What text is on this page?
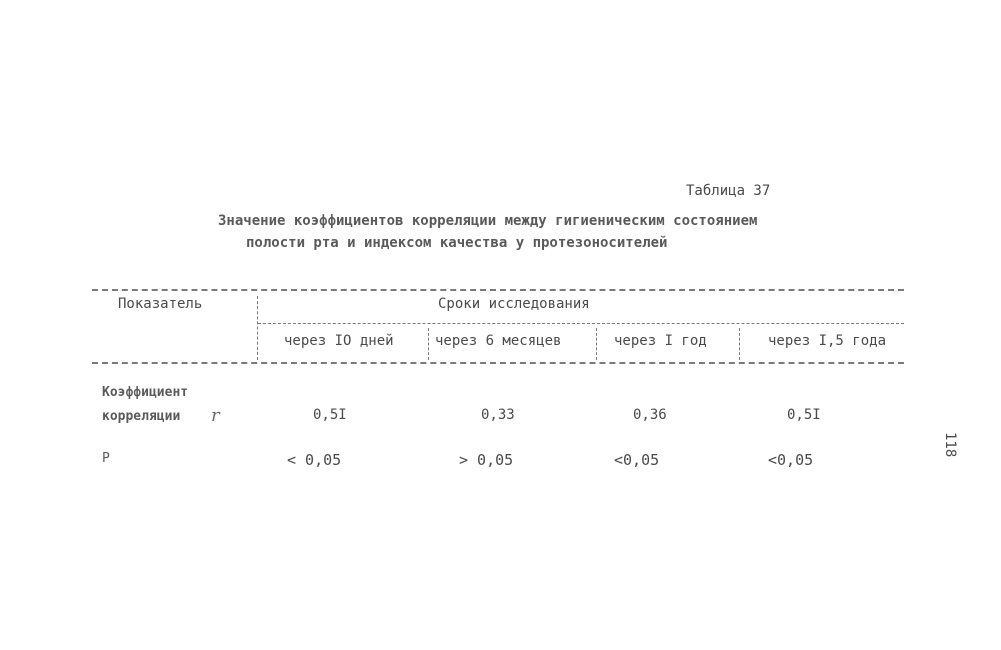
Таблица 37
Значение коэффициентов корреляции между гигиеническим состоянием
полости рта и индексом качества у протезоносителей
Показатель	Сроки исследования
через IO дней	через 6 месяцев	через I год	через I,5 года
Коэффициент
корреляции r	0,5I	0,33	0,36	0,5I
P	< 0,05	> 0,05	<0,05	<0,05
118
